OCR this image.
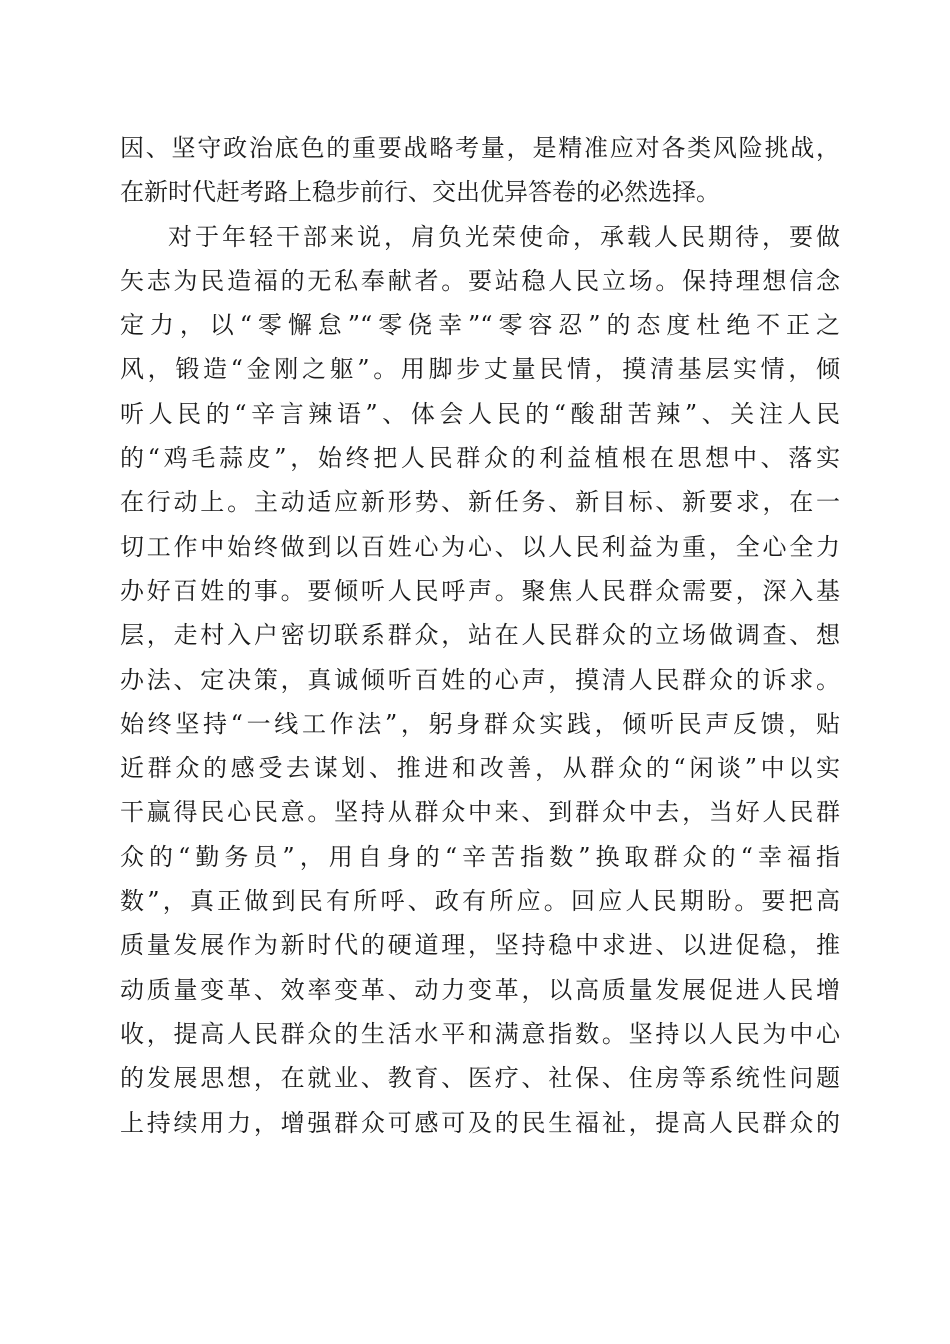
因、坚守政治底色的重要战略考量，是精准应对各类风险挑战，
在新时代赶考路上稳步前行、交出优异答卷的必然选择。
对于年轻干部来说，肩负光荣使命，承载人民期待，要做
矢志为民造福的无私奉献者。要站稳人民立场。保持理想信念
定力，以“零懈怠”“零侥幸”“零容忍”的态度杜绝不正之
风，锻造“金刚之躯”。用脚步丈量民情，摸清基层实情，倾
听人民的“辛言辣语”、体会人民的“酸甜苦辣”、关注人民
的“鸡毛蒜皮”，始终把人民群众的利益植根在思想中、落实
在行动上。主动适应新形势、新任务、新目标、新要求，在一
切工作中始终做到以百姓心为心、以人民利益为重，全心全力
办好百姓的事。要倾听人民呼声。聚焦人民群众需要，深入基
层，走村入户密切联系群众，站在人民群众的立场做调查、想
办法、定决策，真诚倾听百姓的心声，摸清人民群众的诉求。
始终坚持“一线工作法”，躬身群众实践，倾听民声反馈，贴
近群众的感受去谋划、推进和改善，从群众的“闲谈”中以实
干赢得民心民意。坚持从群众中来、到群众中去，当好人民群
众的“勤务员”，用自身的“辛苦指数”换取群众的“幸福指
数”，真正做到民有所呼、政有所应。回应人民期盼。要把高
质量发展作为新时代的硬道理，坚持稳中求进、以进促稳，推
动质量变革、效率变革、动力变革，以高质量发展促进人民增
收，提高人民群众的生活水平和满意指数。坚持以人民为中心
的发展思想，在就业、教育、医疗、社保、住房等系统性问题
上持续用力，增强群众可感可及的民生福祉，提高人民群众的
